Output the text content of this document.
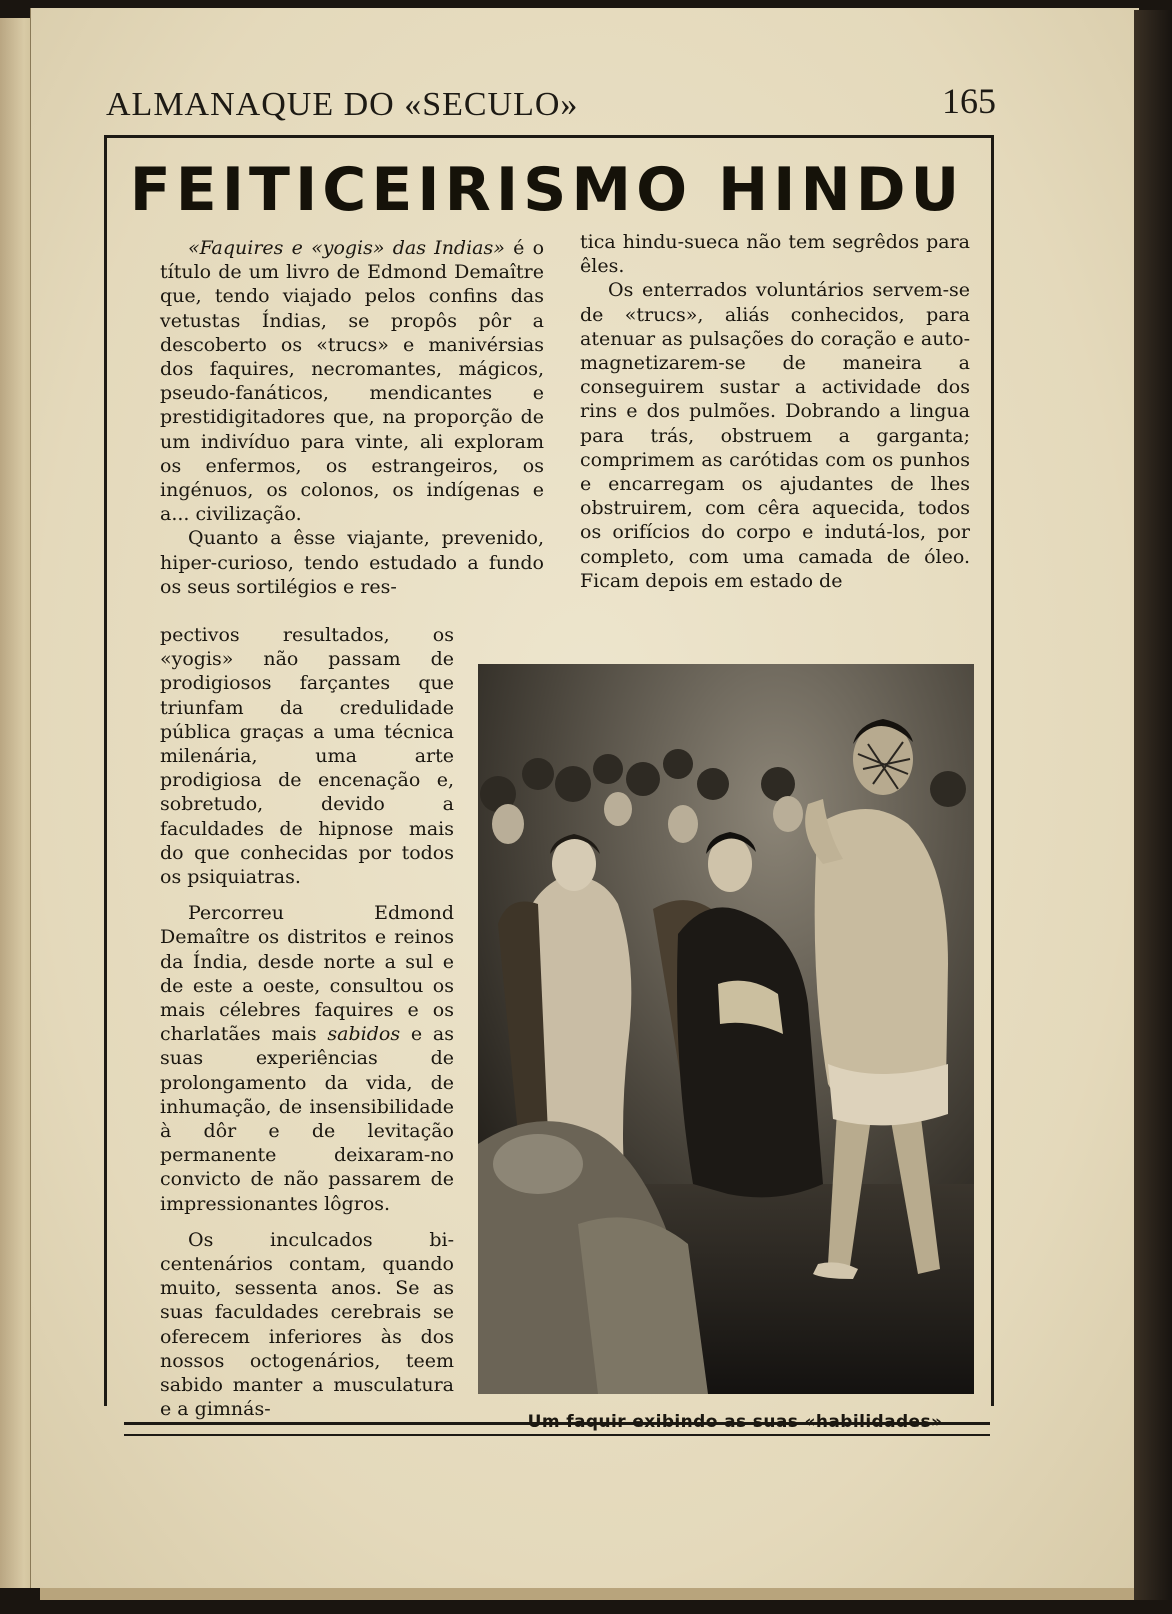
ALMANAQUE DO «SECULO»	165
FEITICEIRISMO HINDU

«Faquires e «yogis» das Indias» é o título de um livro de Edmond Demaître que, tendo viajado pelos confins das vetustas Índias, se propôs pôr a descoberto os «trucs» e manivérsias dos faquires, necromantes, mágicos, pseudo-fanáticos, mendicantes e prestidigitadores que, na proporção de um indivíduo para vinte, ali exploram os enfermos, os estrangeiros, os ingénuos, os colonos, os indígenas e a... civilização.

Quanto a êsse viajante, prevenido, hiper-curioso, tendo estudado a fundo os seus sortilégios e res-

pectivos resultados, os «yogis» não passam de prodigiosos farçantes que triunfam da credulidade pública graças a uma técnica milenária, uma arte prodigiosa de encenação e, sobretudo, devido a faculdades de hipnose mais do que conhecidas por todos os psiquiatras.

Percorreu Edmond Demaître os distritos e reinos da Índia, desde norte a sul e de este a oeste, consultou os mais célebres faquires e os charlatães mais sabidos e as suas experiências de prolongamento da vida, de inhumação, de insensibilidade à dôr e de levitação permanente deixaram-no convicto de não passarem de impressionantes lôgros.

Os inculcados bi-centenários contam, quando muito, sessenta anos. Se as suas faculdades cerebrais se oferecem inferiores às dos nossos octogenários, teem sabido manter a musculatura e a gimnás-

tica hindu-sueca não tem segrêdos para êles.

Os enterrados voluntários servem-se de «trucs», aliás conhecidos, para atenuar as pulsações do coração e auto-magnetizarem-se de maneira a conseguirem sustar a actividade dos rins e dos pulmões. Dobrando a lingua para trás, obstruem a garganta; comprimem as carótidas com os punhos e encarregam os ajudantes de lhes obstruirem, com cêra aquecida, todos os orifícios do corpo e indutá-los, por completo, com uma camada de óleo. Ficam depois em estado de

Um faquir exibindo as suas «habilidades»
